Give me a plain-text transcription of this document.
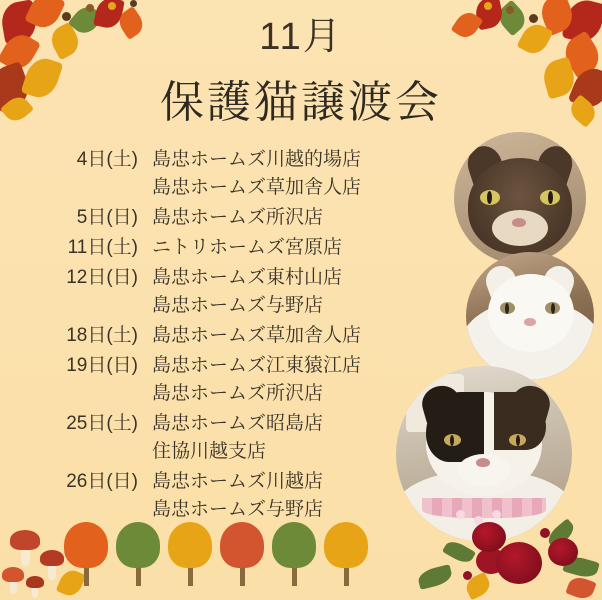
11月
保護猫譲渡会
4日(土) 島忠ホームズ川越的場店
島忠ホームズ草加舎人店
5日(日) 島忠ホームズ所沢店
11日(土) ニトリホームズ宮原店
12日(日) 島忠ホームズ東村山店
島忠ホームズ与野店
18日(土) 島忠ホームズ草加舎人店
19日(日) 島忠ホームズ江東猿江店
島忠ホームズ所沢店
25日(土) 島忠ホームズ昭島店
住協川越支店
26日(日) 島忠ホームズ川越店
島忠ホームズ与野店
